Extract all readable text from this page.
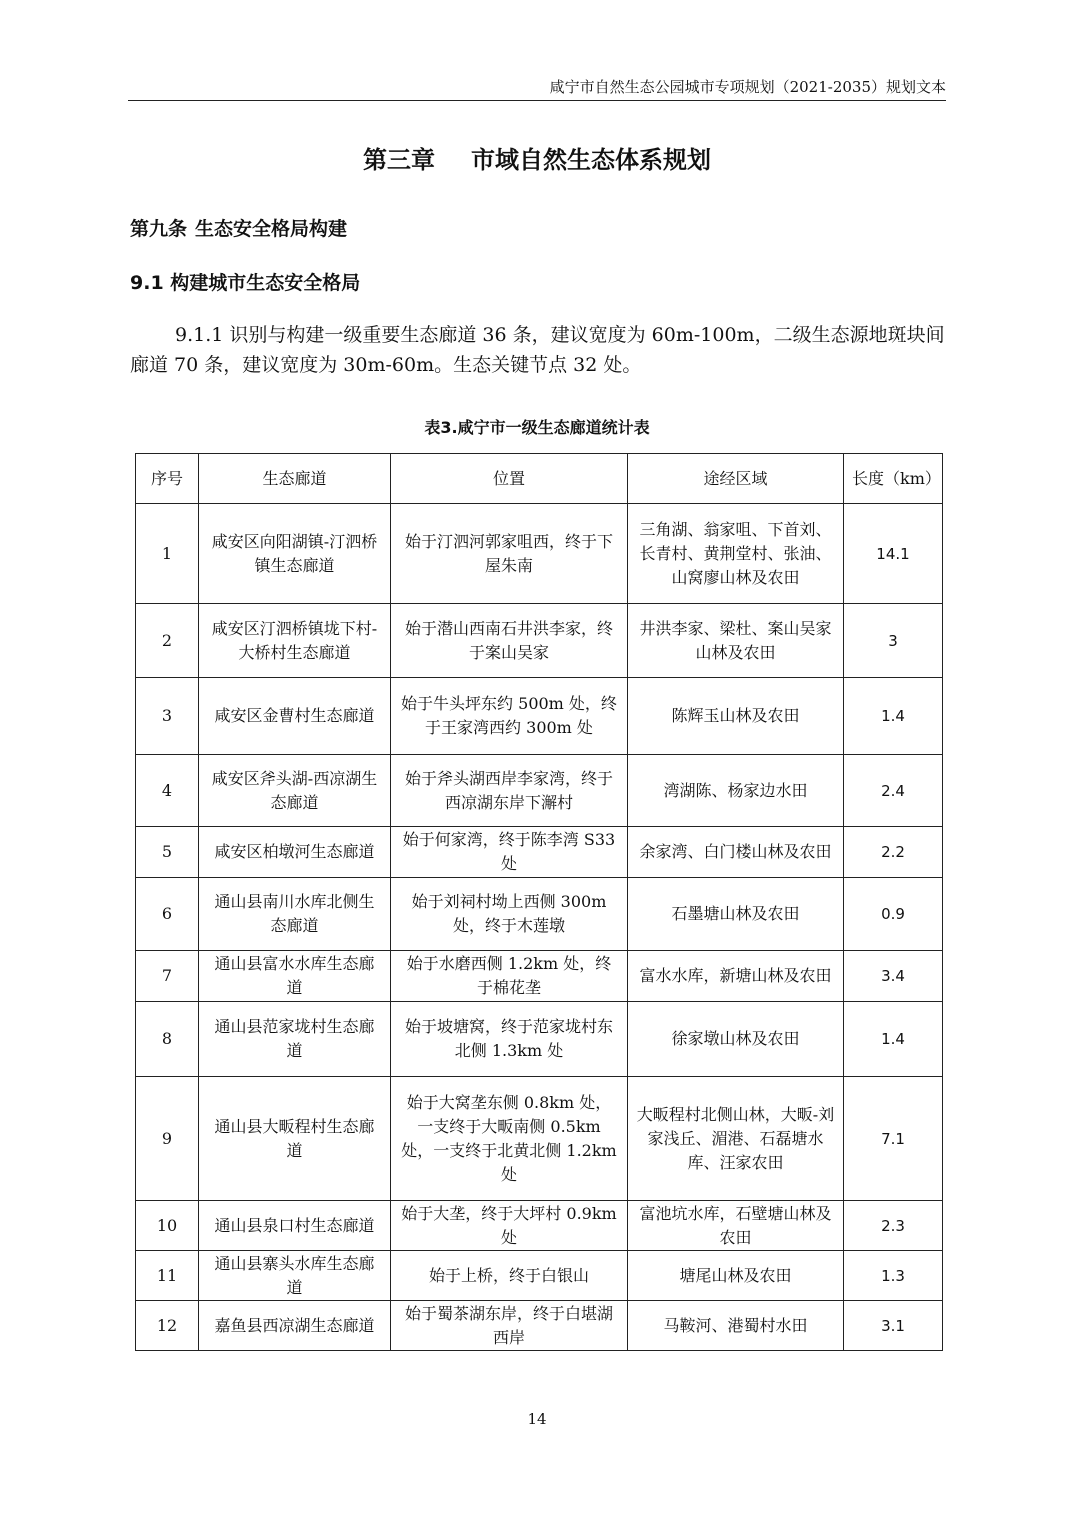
咸宁市自然生态公园城市专项规划（2021-2035）规划文本
第三章 市域自然生态体系规划
第九条 生态安全格局构建
9.1 构建城市生态安全格局

9.1.1 识别与构建一级重要生态廊道 36 条，建议宽度为 60m-100m，二级生态源地斑块间廊道 70 条，建议宽度为 30m-60m。生态关键节点 32 处。

表3.咸宁市一级生态廊道统计表
序号	生态廊道	位置	途经区域	长度（km）
1	咸安区向阳湖镇-汀泗桥镇生态廊道	始于汀泗河郭家咀西，终于下屋朱南	三角湖、翁家咀、下首刘、长青村、黄荆堂村、张油、山窝廖山林及农田	14.1
2	咸安区汀泗桥镇垅下村-大桥村生态廊道	始于潜山西南石井洪李家，终于案山吴家	井洪李家、梁杜、案山吴家山林及农田	3
3	咸安区金曹村生态廊道	始于牛头坪东约 500m 处，终于王家湾西约 300m 处	陈辉玉山林及农田	1.4
4	咸安区斧头湖-西凉湖生态廊道	始于斧头湖西岸李家湾，终于西凉湖东岸下澥村	湾湖陈、杨家边水田	2.4
5	咸安区柏墩河生态廊道	始于何家湾，终于陈李湾 S33 处	余家湾、白门楼山林及农田	2.2
6	通山县南川水库北侧生态廊道	始于刘祠村坳上西侧 300m 处，终于木莲墩	石墨塘山林及农田	0.9
7	通山县富水水库生态廊道	始于水磨西侧 1.2km 处，终于棉花垄	富水水库，新塘山林及农田	3.4
8	通山县范家垅村生态廊道	始于坡塘窝，终于范家垅村东北侧 1.3km 处	徐家墩山林及农田	1.4
9	通山县大畈程村生态廊道	始于大窝垄东侧 0.8km 处，一支终于大畈南侧 0.5km 处，一支终于北黄北侧 1.2km 处	大畈程村北侧山林，大畈-刘家浅丘、湄港、石磊塘水库、汪家农田	7.1
10	通山县泉口村生态廊道	始于大垄，终于大坪村 0.9km 处	富池坑水库，石壁塘山林及农田	2.3
11	通山县寨头水库生态廊道	始于上桥，终于白银山	塘尾山林及农田	1.3
12	嘉鱼县西凉湖生态廊道	始于蜀茶湖东岸，终于白堪湖西岸	马鞍河、港蜀村水田	3.1
14
